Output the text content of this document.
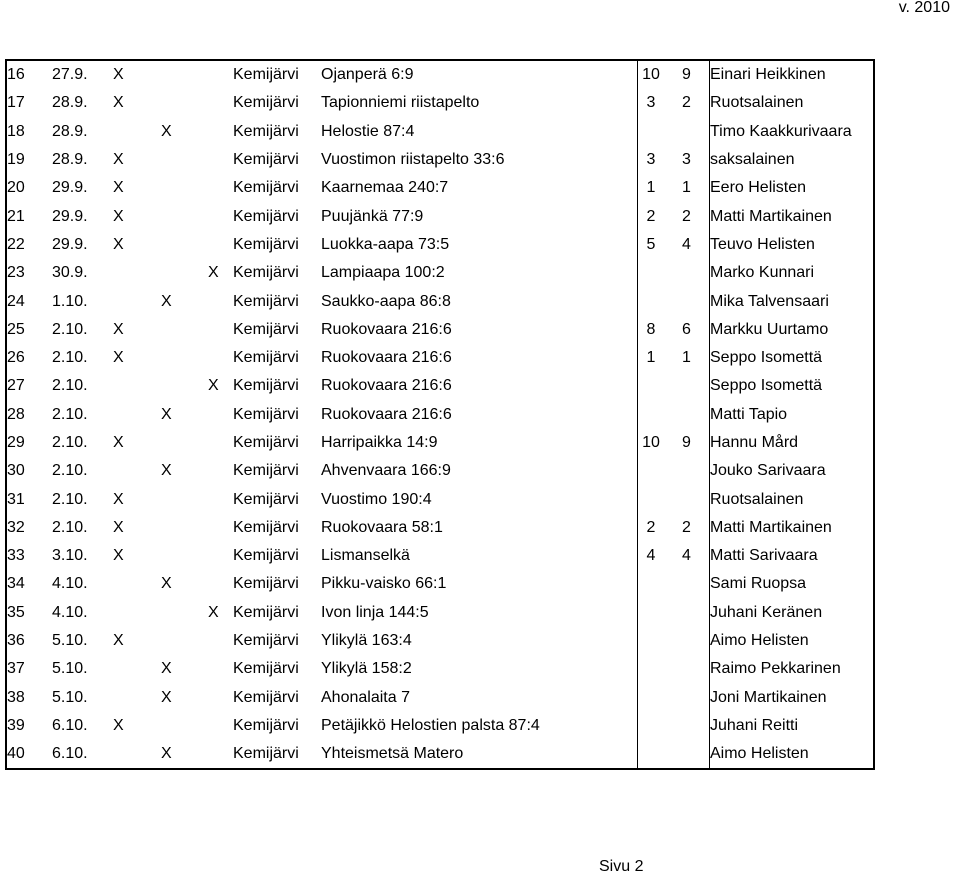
v. 2010
16	27.9.	X			Kemijärvi	Ojanperä 6:9	10	9	Einari Heikkinen
17	28.9.	X			Kemijärvi	Tapionniemi riistapelto	3	2	Ruotsalainen
18	28.9.		X		Kemijärvi	Helostie 87:4			Timo Kaakkurivaara
19	28.9.	X			Kemijärvi	Vuostimon riistapelto 33:6	3	3	saksalainen
20	29.9.	X			Kemijärvi	Kaarnemaa 240:7	1	1	Eero Helisten
21	29.9.	X			Kemijärvi	Puujänkä 77:9	2	2	Matti Martikainen
22	29.9.	X			Kemijärvi	Luokka-aapa 73:5	5	4	Teuvo Helisten
23	30.9.			X	Kemijärvi	Lampiaapa 100:2			Marko Kunnari
24	1.10.		X		Kemijärvi	Saukko-aapa 86:8			Mika Talvensaari
25	2.10.	X			Kemijärvi	Ruokovaara 216:6	8	6	Markku Uurtamo
26	2.10.	X			Kemijärvi	Ruokovaara 216:6	1	1	Seppo Isomettä
27	2.10.			X	Kemijärvi	Ruokovaara 216:6			Seppo Isomettä
28	2.10.		X		Kemijärvi	Ruokovaara 216:6			Matti Tapio
29	2.10.	X			Kemijärvi	Harripaikka 14:9	10	9	Hannu Mård
30	2.10.		X		Kemijärvi	Ahvenvaara 166:9			Jouko Sarivaara
31	2.10.	X			Kemijärvi	Vuostimo 190:4			Ruotsalainen
32	2.10.	X			Kemijärvi	Ruokovaara 58:1	2	2	Matti Martikainen
33	3.10.	X			Kemijärvi	Lismanselkä	4	4	Matti Sarivaara
34	4.10.		X		Kemijärvi	Pikku-vaisko 66:1			Sami Ruopsa
35	4.10.			X	Kemijärvi	Ivon linja 144:5			Juhani Keränen
36	5.10.	X			Kemijärvi	Ylikylä 163:4			Aimo Helisten
37	5.10.		X		Kemijärvi	Ylikylä 158:2			Raimo Pekkarinen
38	5.10.		X		Kemijärvi	Ahonalaita 7			Joni Martikainen
39	6.10.	X			Kemijärvi	Petäjikkö Helostien palsta 87:4			Juhani Reitti
40	6.10.		X		Kemijärvi	Yhteismetsä Matero			Aimo Helisten
Sivu 2
